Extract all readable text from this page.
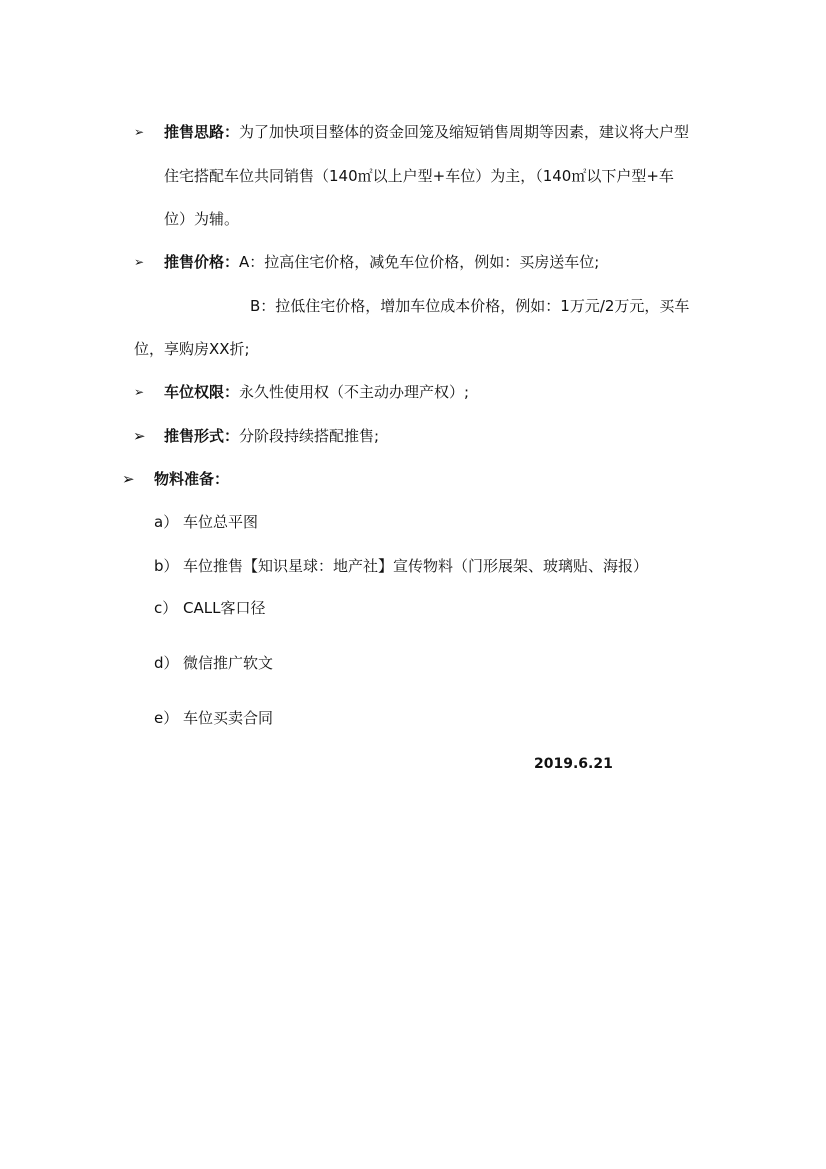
➢ 推售思路：为了加快项目整体的资金回笼及缩短销售周期等因素，建议将大户型
住宅搭配车位共同销售（140㎡以上户型+车位）为主，（140㎡以下户型+车
位）为辅。
➢ 推售价格：A：拉高住宅价格，减免车位价格，例如：买房送车位;
B：拉低住宅价格，增加车位成本价格，例如：1万元/2万元，买车
位，享购房XX折;
➢ 车位权限：永久性使用权（不主动办理产权）;
➢ 推售形式：分阶段持续搭配推售;
➢ 物料准备：
a） 车位总平图
b） 车位推售【知识星球：地产社】宣传物料（门形展架、玻璃贴、海报）
c） CALL客口径
d） 微信推广软文
e） 车位买卖合同
2019.6.21
